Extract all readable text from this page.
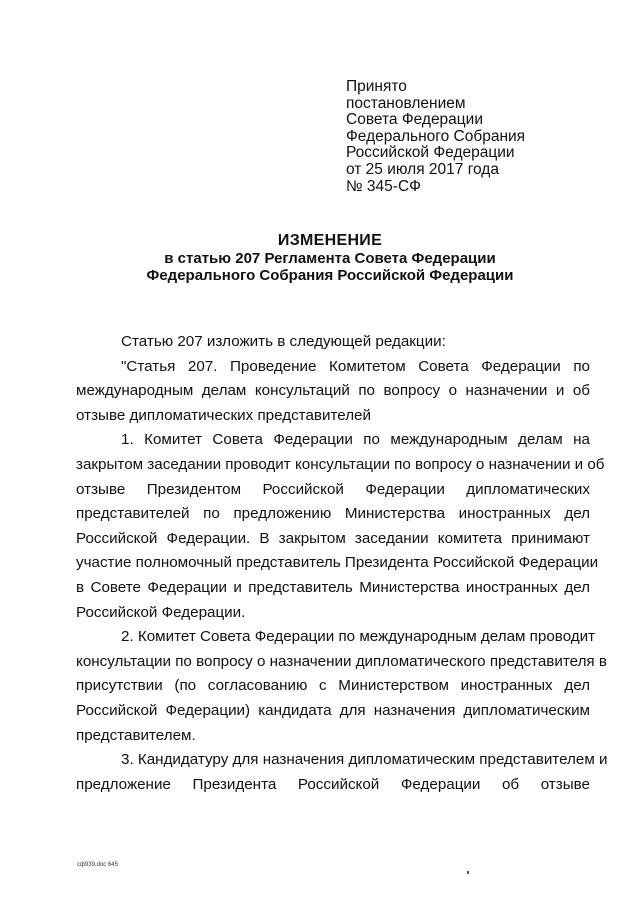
Принято
постановлением
Совета Федерации
Федерального Собрания
Российской Федерации
от 25 июля 2017 года
№ 345-СФ
ИЗМЕНЕНИЕ
в статью 207 Регламента Совета Федерации
Федерального Собрания Российской Федерации
Статью 207 изложить в следующей редакции:
"Статья 207. Проведение Комитетом Совета Федерации по
международным делам консультаций по вопросу о назначении и об
отзыве дипломатических представителей
1. Комитет Совета Федерации по международным делам на
закрытом заседании проводит консультации по вопросу о назначении и об
отзыве Президентом Российской Федерации дипломатических
представителей по предложению Министерства иностранных дел
Российской Федерации. В закрытом заседании комитета принимают
участие полномочный представитель Президента Российской Федерации
в Совете Федерации и представитель Министерства иностранных дел
Российской Федерации.
2. Комитет Совета Федерации по международным делам проводит
консультации по вопросу о назначении дипломатического представителя в
присутствии (по согласованию с Министерством иностранных дел
Российской Федерации) кандидата для назначения дипломатическим
представителем.
3. Кандидатуру для назначения дипломатическим представителем и
предложение Президента Российской Федерации об отзыве
сф939.doc 645
